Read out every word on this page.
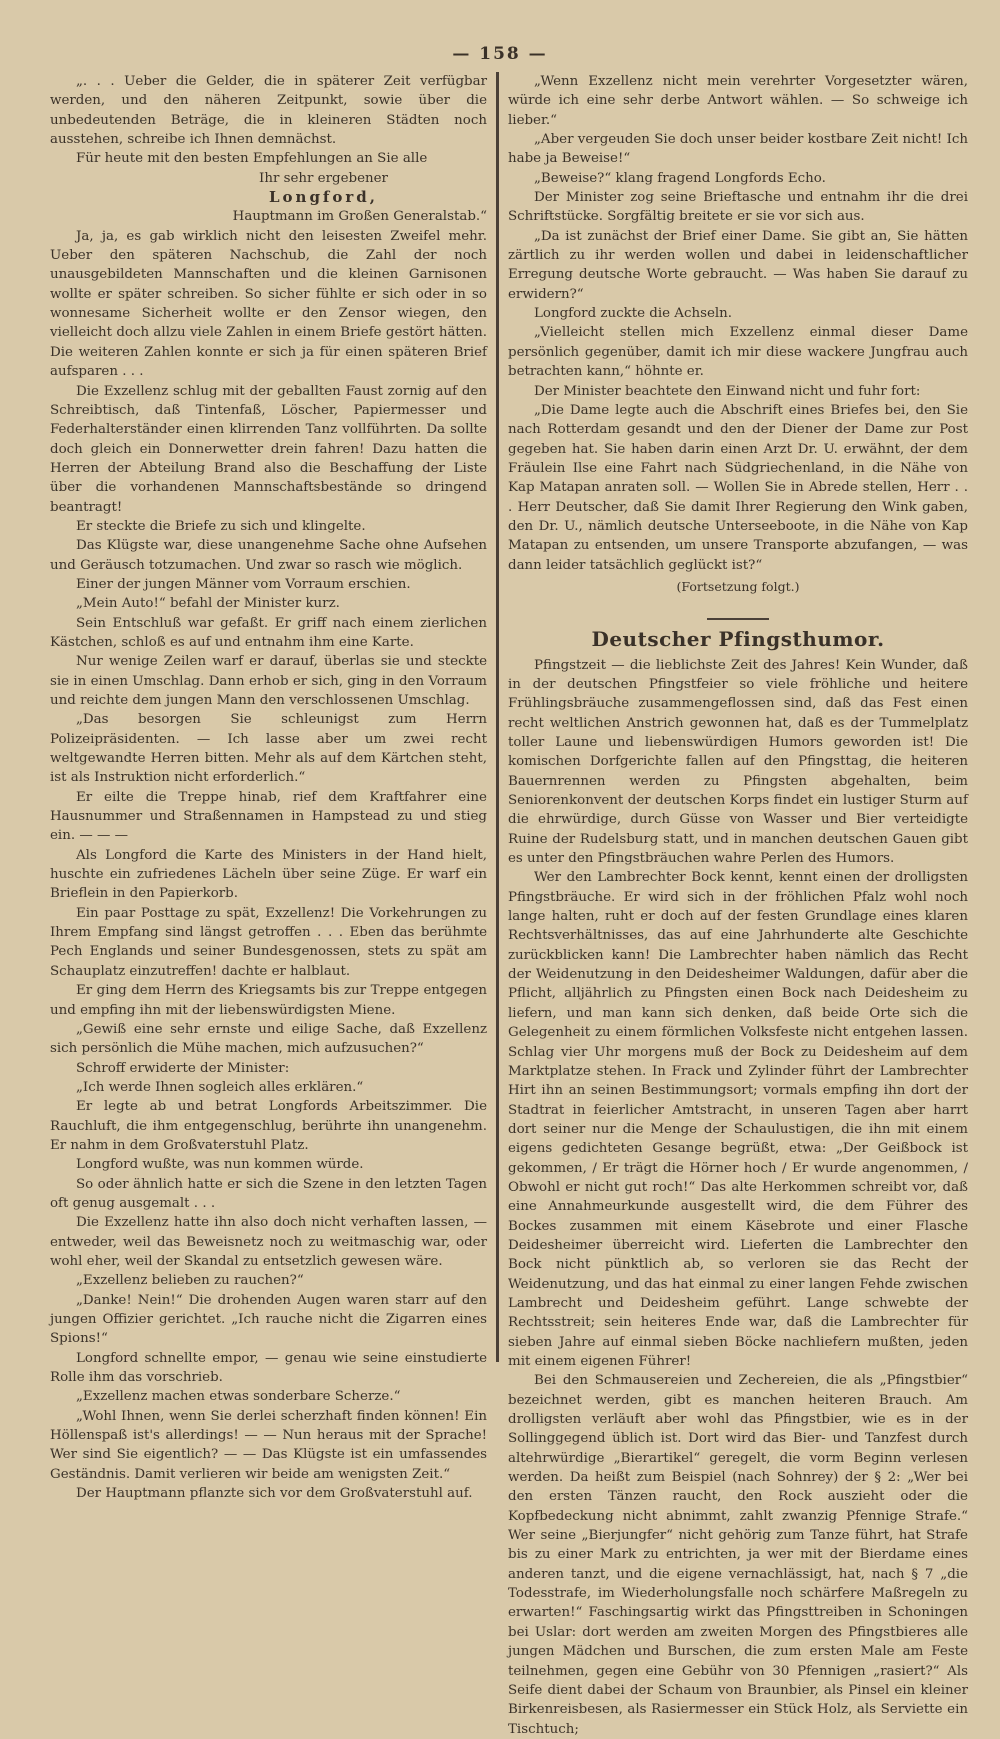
— 158 —

„. . . Ueber die Gelder, die in späterer Zeit verfügbar werden, und den näheren Zeitpunkt, sowie über die unbedeutenden Beträge, die in kleineren Städten noch ausstehen, schreibe ich Ihnen demnächst.

Für heute mit den besten Empfehlungen an Sie alle

Ihr sehr ergebener

Longford,

Hauptmann im Großen Generalstab.“

Ja, ja, es gab wirklich nicht den leisesten Zweifel mehr. Ueber den späteren Nachschub, die Zahl der noch unausgebildeten Mannschaften und die kleinen Garnisonen wollte er später schreiben. So sicher fühlte er sich oder in so wonnesame Sicherheit wollte er den Zensor wiegen, den vielleicht doch allzu viele Zahlen in einem Briefe gestört hätten. Die weiteren Zahlen konnte er sich ja für einen späteren Brief aufsparen . . .

Die Exzellenz schlug mit der geballten Faust zornig auf den Schreibtisch, daß Tintenfaß, Löscher, Papiermesser und Federhalterständer einen klirrenden Tanz vollführten. Da sollte doch gleich ein Donnerwetter drein fahren! Dazu hatten die Herren der Abteilung Brand also die Beschaffung der Liste über die vorhandenen Mannschaftsbestände so dringend beantragt!

Er steckte die Briefe zu sich und klingelte.

Das Klügste war, diese unangenehme Sache ohne Aufsehen und Geräusch totzumachen. Und zwar so rasch wie möglich.

Einer der jungen Männer vom Vorraum erschien.

„Mein Auto!“ befahl der Minister kurz.

Sein Entschluß war gefaßt. Er griff nach einem zierlichen Kästchen, schloß es auf und entnahm ihm eine Karte.

Nur wenige Zeilen warf er darauf, überlas sie und steckte sie in einen Umschlag. Dann erhob er sich, ging in den Vorraum und reichte dem jungen Mann den verschlossenen Umschlag.

„Das besorgen Sie schleunigst zum Herrn Polizeipräsidenten. — Ich lasse aber um zwei recht weltgewandte Herren bitten. Mehr als auf dem Kärtchen steht, ist als Instruktion nicht erforderlich.“

Er eilte die Treppe hinab, rief dem Kraftfahrer eine Hausnummer und Straßennamen in Hampstead zu und stieg ein. — — —

Als Longford die Karte des Ministers in der Hand hielt, huschte ein zufriedenes Lächeln über seine Züge. Er warf ein Brieflein in den Papierkorb.

Ein paar Posttage zu spät, Exzellenz! Die Vorkehrungen zu Ihrem Empfang sind längst getroffen . . . Eben das berühmte Pech Englands und seiner Bundesgenossen, stets zu spät am Schauplatz einzutreffen! dachte er halblaut.

Er ging dem Herrn des Kriegsamts bis zur Treppe entgegen und empfing ihn mit der liebenswürdigsten Miene.

„Gewiß eine sehr ernste und eilige Sache, daß Exzellenz sich persönlich die Mühe machen, mich aufzusuchen?“

Schroff erwiderte der Minister:

„Ich werde Ihnen sogleich alles erklären.“

Er legte ab und betrat Longfords Arbeitszimmer. Die Rauchluft, die ihm entgegenschlug, berührte ihn unangenehm. Er nahm in dem Großvaterstuhl Platz.

Longford wußte, was nun kommen würde.

So oder ähnlich hatte er sich die Szene in den letzten Tagen oft genug ausgemalt . . .

Die Exzellenz hatte ihn also doch nicht verhaften lassen, — entweder, weil das Beweisnetz noch zu weitmaschig war, oder wohl eher, weil der Skandal zu entsetzlich gewesen wäre.

„Exzellenz belieben zu rauchen?“

„Danke! Nein!“ Die drohenden Augen waren starr auf den jungen Offizier gerichtet. „Ich rauche nicht die Zigarren eines Spions!“

Longford schnellte empor, — genau wie seine einstudierte Rolle ihm das vorschrieb.

„Exzellenz machen etwas sonderbare Scherze.“

„Wohl Ihnen, wenn Sie derlei scherzhaft finden können! Ein Höllenspaß ist's allerdings! — — Nun heraus mit der Sprache! Wer sind Sie eigentlich? — — Das Klügste ist ein umfassendes Geständnis. Damit verlieren wir beide am wenigsten Zeit.“

Der Hauptmann pflanzte sich vor dem Großvaterstuhl auf.

„Wenn Exzellenz nicht mein verehrter Vorgesetzter wären, würde ich eine sehr derbe Antwort wählen. — So schweige ich lieber.“

„Aber vergeuden Sie doch unser beider kostbare Zeit nicht! Ich habe ja Beweise!“

„Beweise?“ klang fragend Longfords Echo.

Der Minister zog seine Brieftasche und entnahm ihr die drei Schriftstücke. Sorgfältig breitete er sie vor sich aus.

„Da ist zunächst der Brief einer Dame. Sie gibt an, Sie hätten zärtlich zu ihr werden wollen und dabei in leidenschaftlicher Erregung deutsche Worte gebraucht. — Was haben Sie darauf zu erwidern?“

Longford zuckte die Achseln.

„Vielleicht stellen mich Exzellenz einmal dieser Dame persönlich gegenüber, damit ich mir diese wackere Jungfrau auch betrachten kann,“ höhnte er.

Der Minister beachtete den Einwand nicht und fuhr fort:

„Die Dame legte auch die Abschrift eines Briefes bei, den Sie nach Rotterdam gesandt und den der Diener der Dame zur Post gegeben hat. Sie haben darin einen Arzt Dr. U. erwähnt, der dem Fräulein Ilse eine Fahrt nach Südgriechenland, in die Nähe von Kap Matapan anraten soll. — Wollen Sie in Abrede stellen, Herr . . . Herr Deutscher, daß Sie damit Ihrer Regierung den Wink gaben, den Dr. U., nämlich deutsche Unterseeboote, in die Nähe von Kap Matapan zu entsenden, um unsere Transporte abzufangen, — was dann leider tatsächlich geglückt ist?“

(Fortsetzung folgt.)

Deutscher Pfingsthumor.

Pfingstzeit — die lieblichste Zeit des Jahres! Kein Wunder, daß in der deutschen Pfingstfeier so viele fröhliche und heitere Frühlingsbräuche zusammengeflossen sind, daß das Fest einen recht weltlichen Anstrich gewonnen hat, daß es der Tummelplatz toller Laune und liebenswürdigen Humors geworden ist! Die komischen Dorfgerichte fallen auf den Pfingsttag, die heiteren Bauernrennen werden zu Pfingsten abgehalten, beim Seniorenkonvent der deutschen Korps findet ein lustiger Sturm auf die ehrwürdige, durch Güsse von Wasser und Bier verteidigte Ruine der Rudelsburg statt, und in manchen deutschen Gauen gibt es unter den Pfingstbräuchen wahre Perlen des Humors.

Wer den Lambrechter Bock kennt, kennt einen der drolligsten Pfingstbräuche. Er wird sich in der fröhlichen Pfalz wohl noch lange halten, ruht er doch auf der festen Grundlage eines klaren Rechtsverhältnisses, das auf eine Jahrhunderte alte Geschichte zurückblicken kann! Die Lambrechter haben nämlich das Recht der Weidenutzung in den Deidesheimer Waldungen, dafür aber die Pflicht, alljährlich zu Pfingsten einen Bock nach Deidesheim zu liefern, und man kann sich denken, daß beide Orte sich die Gelegenheit zu einem förmlichen Volksfeste nicht entgehen lassen. Schlag vier Uhr morgens muß der Bock zu Deidesheim auf dem Marktplatze stehen. In Frack und Zylinder führt der Lambrechter Hirt ihn an seinen Bestimmungsort; vormals empfing ihn dort der Stadtrat in feierlicher Amtstracht, in unseren Tagen aber harrt dort seiner nur die Menge der Schaulustigen, die ihn mit einem eigens gedichteten Gesange begrüßt, etwa: „Der Geißbock ist gekommen, / Er trägt die Hörner hoch / Er wurde angenommen, / Obwohl er nicht gut roch!“ Das alte Herkommen schreibt vor, daß eine Annahmeurkunde ausgestellt wird, die dem Führer des Bockes zusammen mit einem Käsebrote und einer Flasche Deidesheimer überreicht wird. Lieferten die Lambrechter den Bock nicht pünktlich ab, so verloren sie das Recht der Weidenutzung, und das hat einmal zu einer langen Fehde zwischen Lambrecht und Deidesheim geführt. Lange schwebte der Rechtsstreit; sein heiteres Ende war, daß die Lambrechter für sieben Jahre auf einmal sieben Böcke nachliefern mußten, jeden mit einem eigenen Führer!

Bei den Schmausereien und Zechereien, die als „Pfingstbier“ bezeichnet werden, gibt es manchen heiteren Brauch. Am drolligsten verläuft aber wohl das Pfingstbier, wie es in der Sollinggegend üblich ist. Dort wird das Bier- und Tanzfest durch altehrwürdige „Bierartikel“ geregelt, die vorm Beginn verlesen werden. Da heißt zum Beispiel (nach Sohnrey) der § 2: „Wer bei den ersten Tänzen raucht, den Rock auszieht oder die Kopfbedeckung nicht abnimmt, zahlt zwanzig Pfennige Strafe.“ Wer seine „Bierjungfer“ nicht gehörig zum Tanze führt, hat Strafe bis zu einer Mark zu entrichten, ja wer mit der Bierdame eines anderen tanzt, und die eigene vernachlässigt, hat, nach § 7 „die Todesstrafe, im Wiederholungsfalle noch schärfere Maßregeln zu erwarten!“ Faschingsartig wirkt das Pfingsttreiben in Schoningen bei Uslar: dort werden am zweiten Morgen des Pfingstbieres alle jungen Mädchen und Burschen, die zum ersten Male am Feste teilnehmen, gegen eine Gebühr von 30 Pfennigen „rasiert?“ Als Seife dient dabei der Schaum von Braunbier, als Pinsel ein kleiner Birkenreisbesen, als Rasiermesser ein Stück Holz, als Serviette ein Tischtuch;
